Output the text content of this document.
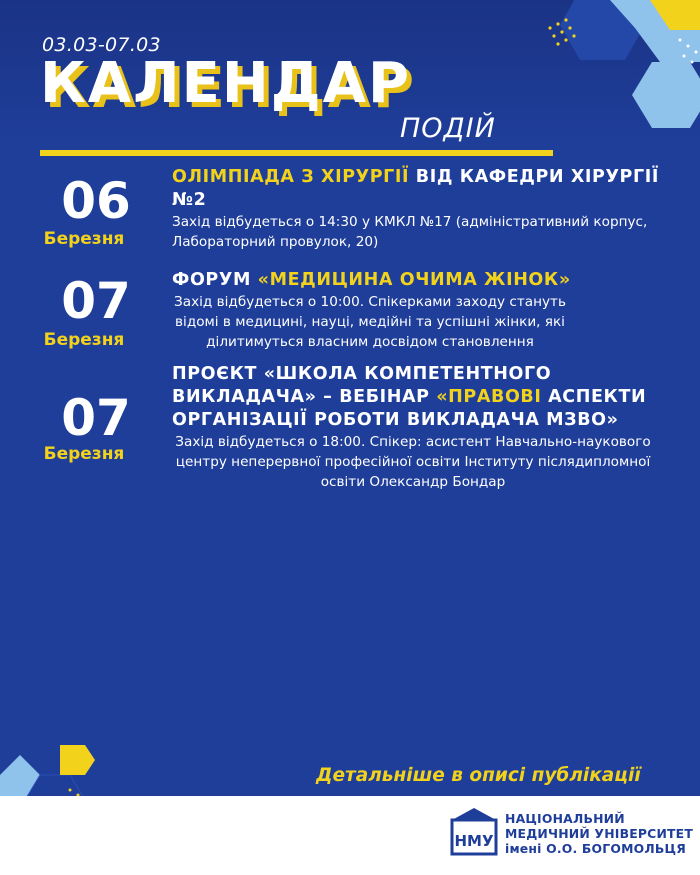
03.03-07.03
КАЛЕНДАР
ПОДІЙ
06
Березня
ОЛІМПІАДА З ХІРУРГІЇ ВІД КАФЕДРИ ХІРУРГІЇ №2
Захід відбудеться о 14:30 у КМКЛ №17 (адміністративний корпус, Лабораторний провулок, 20)
07
Березня
ФОРУМ «МЕДИЦИНА ОЧИМА ЖІНОК»
Захід відбудеться о 10:00. Спікерками заходу стануть відомі в медицині, науці, медійні та успішні жінки, які ділитимуться власним досвідом становлення
07
Березня
ПРОЄКТ «ШКОЛА КОМПЕТЕНТНОГО ВИКЛАДАЧА» – ВЕБІНАР «ПРАВОВІ АСПЕКТИ ОРГАНІЗАЦІЇ РОБОТИ ВИКЛАДАЧА МЗВО»
Захід відбудеться о 18:00. Спікер: асистент Навчально-наукового центру неперервної професійної освіти Інституту післядипломної освіти Олександр Бондар
Детальніше в описі публікації
НМУ
НАЦІОНАЛЬНИЙ
МЕДИЧНИЙ УНІВЕРСИТЕТ
імені О.О. БОГОМОЛЬЦЯ
